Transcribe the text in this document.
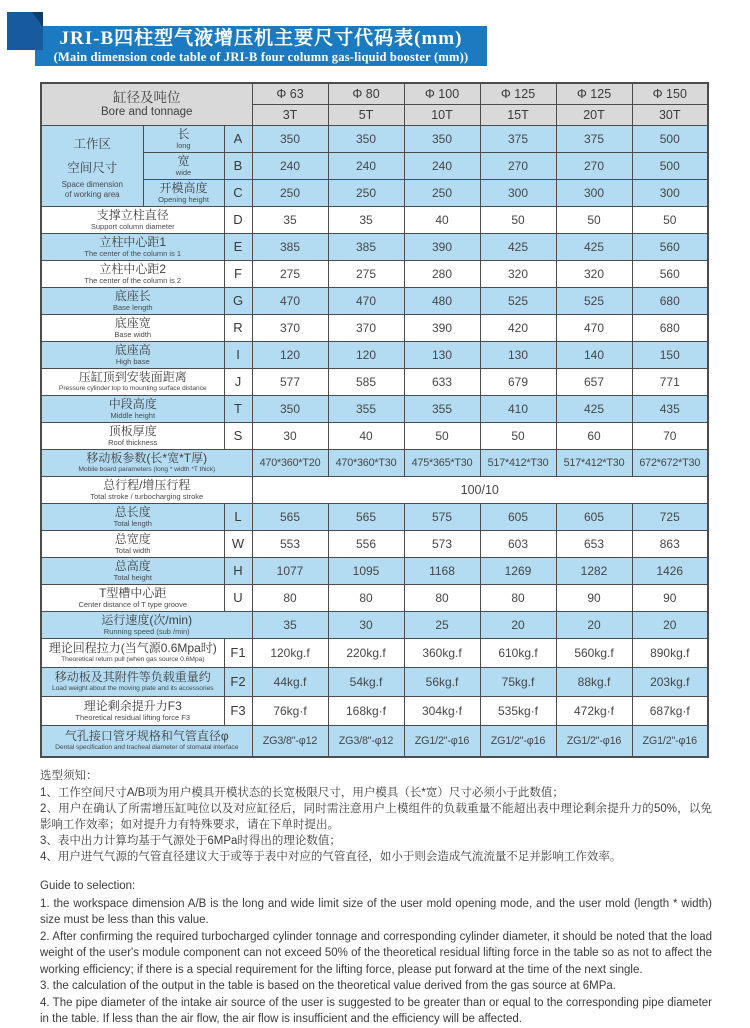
JRI-B四柱型气液增压机主要尺寸代码表(mm)
(Main dimension code table of JRI-B four column gas-liquid booster (mm))
缸径及吨位
Bore and tonnage			Φ 63	Φ 80	Φ 100	Φ 125	Φ 125	Φ 150
			3T	5T	10T	15T	20T	30T

工作区
空间尺寸
Space dimension
of working area

长
long	A	350	350	350	375	375	500

	宽
wide	B	240	240	240	270	270	500

	开模高度
Opening height	C	250	250	250	300	300	300

支撑立柱直径
Support column diameter		D	35	35	40	50	50	50

立柱中心距1
The center of the column is 1		E	385	385	390	425	425	560

立柱中心距2
The center of the column is 2		F	275	275	280	320	320	560

底座长
Base length		G	470	470	480	525	525	680

底座宽
Base width		R	370	370	390	420	470	680

底座高
High base		I	120	120	130	130	140	150

压缸顶到安装面距离
Pressure cylinder top to mounting surface distance		J	577	585	633	679	657	771

中段高度
Middle height		T	350	355	355	410	425	435

顶板厚度
Roof thickness		S	30	40	50	50	60	70

移动板参数(长*宽*T厚)
Mobile board parameters (long * width *T thick)			470*360*T20	470*360*T30	475*365*T30	517*412*T30	517*412*T30	672*672*T30

总行程/增压行程
Total stroke / turbocharging stroke			100/10					

总长度
Total length		L	565	565	575	605	605	725

总宽度
Total width		W	553	556	573	603	653	863

总高度
Total height		H	1077	1095	1168	1269	1282	1426

T型槽中心距
Center distance of T type groove		U	80	80	80	80	90	90

运行速度(次/min)
Running speed (sub /min)			35	30	25	20	20	20

理论回程拉力(当气源0.6Mpa时)
Theoretical return pull (when gas source 0.6Mpa)		F1	120kg.f	220kg.f	360kg.f	610kg.f	560kg.f	890kg.f

移动板及其附件等负载重量约
Load weight about the moving plate and its accessories		F2	44kg.f	54kg.f	56kg.f	75kg.f	88kg.f	203kg.f

理论剩余提升力F3
Theoretical residual lifting force F3		F3	76kg·f	168kg·f	304kg·f	535kg·f	472kg·f	687kg·f

气孔接口管牙规格和气管直径φ
Dental specification and tracheal diameter of stomatal interface			ZG3/8"-φ12	ZG3/8"-φ12	ZG1/2"-φ16	ZG1/2"-φ16	ZG1/2"-φ16	ZG1/2"-φ16
选型须知：
1、工作空间尺寸A/B项为用户模具开模状态的长宽极限尺寸，用户模具（长*宽）尺寸必须小于此数值；
2、用户在确认了所需增压缸吨位以及对应缸径后，同时需注意用户上模组件的负载重量不能超出表中理论剩余提升力的50%，以免影响工作效率；如对提升力有特殊要求，请在下单时提出。
3、表中出力计算均基于气源处于6MPa时得出的理论数值；
4、用户进气气源的气管直径建议大于或等于表中对应的气管直径，如小于则会造成气流流量不足并影响工作效率。
Guide to selection:
1. the workspace dimension A/B is the long and wide limit size of the user mold opening mode, and the user mold (length * width) size must be less than this value.
2. After confirming the required turbocharged cylinder tonnage and corresponding cylinder diameter, it should be noted that the load weight of the user's module component can not exceed 50% of the theoretical residual lifting force in the table so as not to affect the working efficiency; if there is a special requirement for the lifting force, please put forward at the time of the next single.
3. the calculation of the output in the table is based on the theoretical value derived from the gas source at 6MPa.
4. The pipe diameter of the intake air source of the user is suggested to be greater than or equal to the corresponding pipe diameter in the table. If less than the air flow, the air flow is insufficient and the efficiency will be affected.
